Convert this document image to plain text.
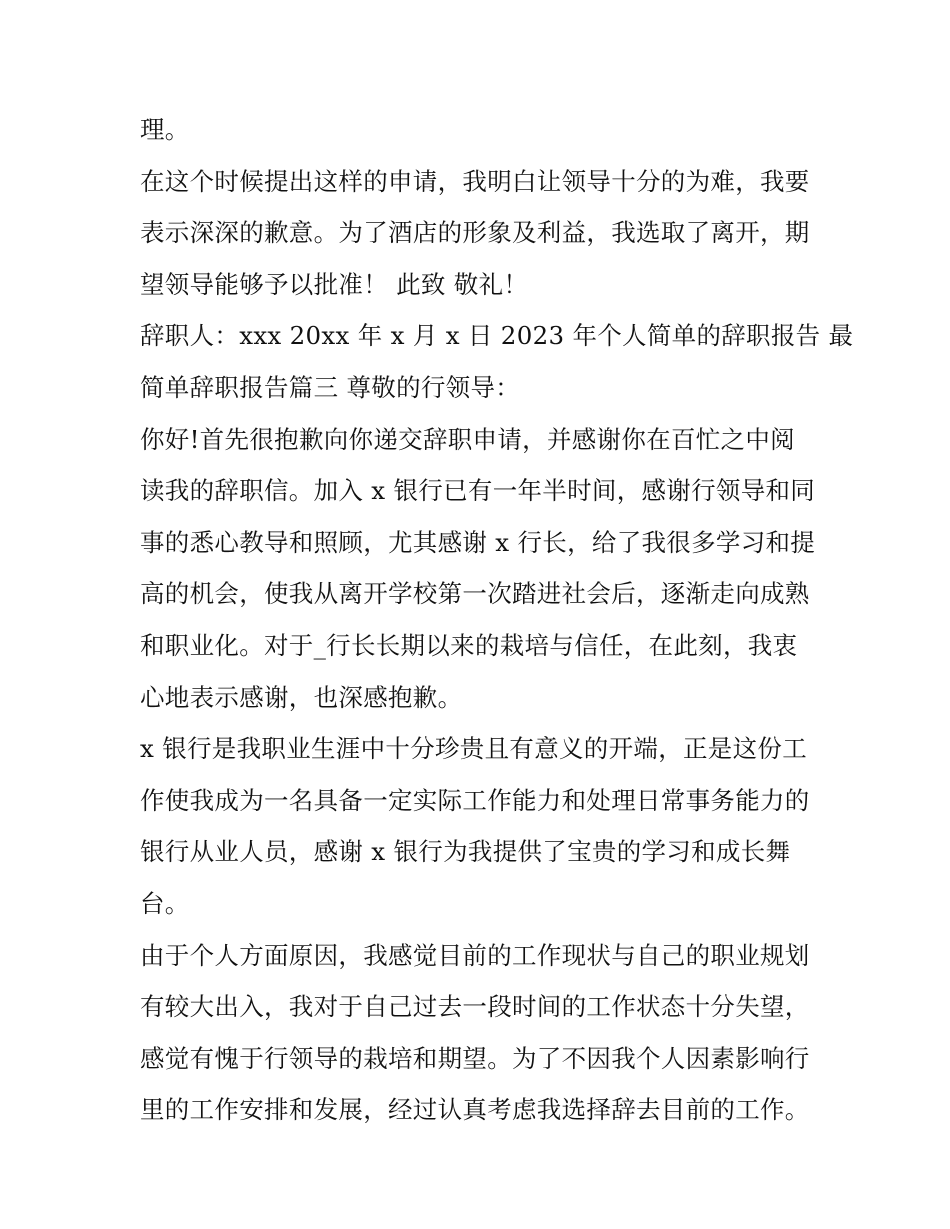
理。
在这个时候提出这样的申请，我明白让领导十分的为难，我要
表示深深的歉意。为了酒店的形象及利益，我选取了离开，期
望领导能够予以批准！ 此致 敬礼！
辞职人：xxx 20xx 年 x 月 x 日 2023 年个人简单的辞职报告 最
简单辞职报告篇三 尊敬的行领导：
你好!首先很抱歉向你递交辞职申请，并感谢你在百忙之中阅
读我的辞职信。加入 x 银行已有一年半时间，感谢行领导和同
事的悉心教导和照顾，尤其感谢 x 行长，给了我很多学习和提
高的机会，使我从离开学校第一次踏进社会后，逐渐走向成熟
和职业化。对于_行长长期以来的栽培与信任，在此刻，我衷
心地表示感谢，也深感抱歉。
x 银行是我职业生涯中十分珍贵且有意义的开端，正是这份工
作使我成为一名具备一定实际工作能力和处理日常事务能力的
银行从业人员，感谢 x 银行为我提供了宝贵的学习和成长舞
台。
由于个人方面原因，我感觉目前的工作现状与自己的职业规划
有较大出入，我对于自己过去一段时间的工作状态十分失望，
感觉有愧于行领导的栽培和期望。为了不因我个人因素影响行
里的工作安排和发展，经过认真考虑我选择辞去目前的工作。
